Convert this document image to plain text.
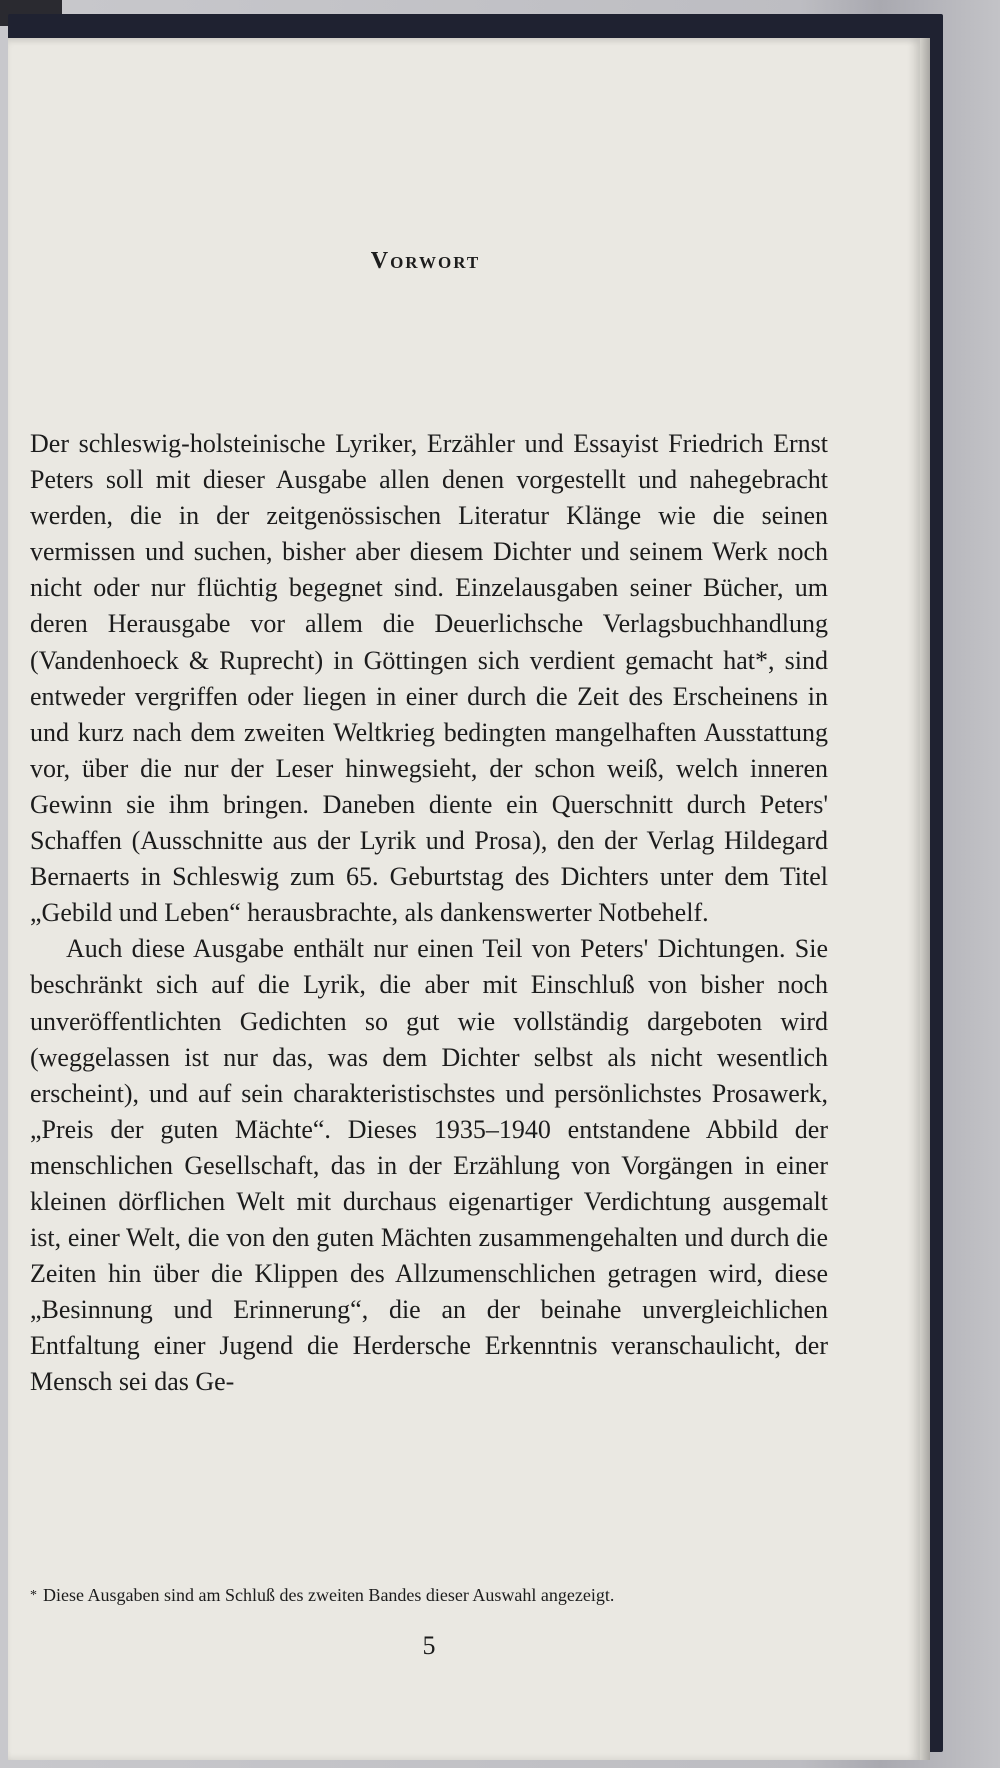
Vorwort

Der schleswig-holsteinische Lyriker, Erzähler und Essayist Friedrich Ernst Peters soll mit dieser Ausgabe allen denen vorgestellt und nahegebracht werden, die in der zeitgenössischen Literatur Klänge wie die seinen vermissen und suchen, bisher aber diesem Dichter und seinem Werk noch nicht oder nur flüchtig begegnet sind. Einzelausgaben seiner Bücher, um deren Herausgabe vor allem die Deuerlichsche Verlagsbuchhandlung (Vandenhoeck & Ruprecht) in Göttingen sich verdient gemacht hat*, sind entweder vergriffen oder liegen in einer durch die Zeit des Erscheinens in und kurz nach dem zweiten Weltkrieg bedingten mangelhaften Ausstattung vor, über die nur der Leser hinwegsieht, der schon weiß, welch inneren Gewinn sie ihm bringen. Daneben diente ein Querschnitt durch Peters' Schaffen (Ausschnitte aus der Lyrik und Prosa), den der Verlag Hildegard Bernaerts in Schleswig zum 65. Geburtstag des Dichters unter dem Titel „Gebild und Leben“ herausbrachte, als dankenswerter Notbehelf.

Auch diese Ausgabe enthält nur einen Teil von Peters' Dichtungen. Sie beschränkt sich auf die Lyrik, die aber mit Einschluß von bisher noch unveröffentlichten Gedichten so gut wie vollständig dargeboten wird (weggelassen ist nur das, was dem Dichter selbst als nicht wesentlich erscheint), und auf sein charakteristischstes und persönlichstes Prosawerk, „Preis der guten Mächte“. Dieses 1935–1940 entstandene Abbild der menschlichen Gesellschaft, das in der Erzählung von Vorgängen in einer kleinen dörflichen Welt mit durchaus eigenartiger Verdichtung ausgemalt ist, einer Welt, die von den guten Mächten zusammengehalten und durch die Zeiten hin über die Klippen des Allzumenschlichen getragen wird, diese „Besinnung und Erinnerung“, die an der beinahe unvergleichlichen Entfaltung einer Jugend die Herdersche Erkenntnis veranschaulicht, der Mensch sei das Ge-

* Diese Ausgaben sind am Schluß des zweiten Bandes dieser Auswahl angezeigt.

5
